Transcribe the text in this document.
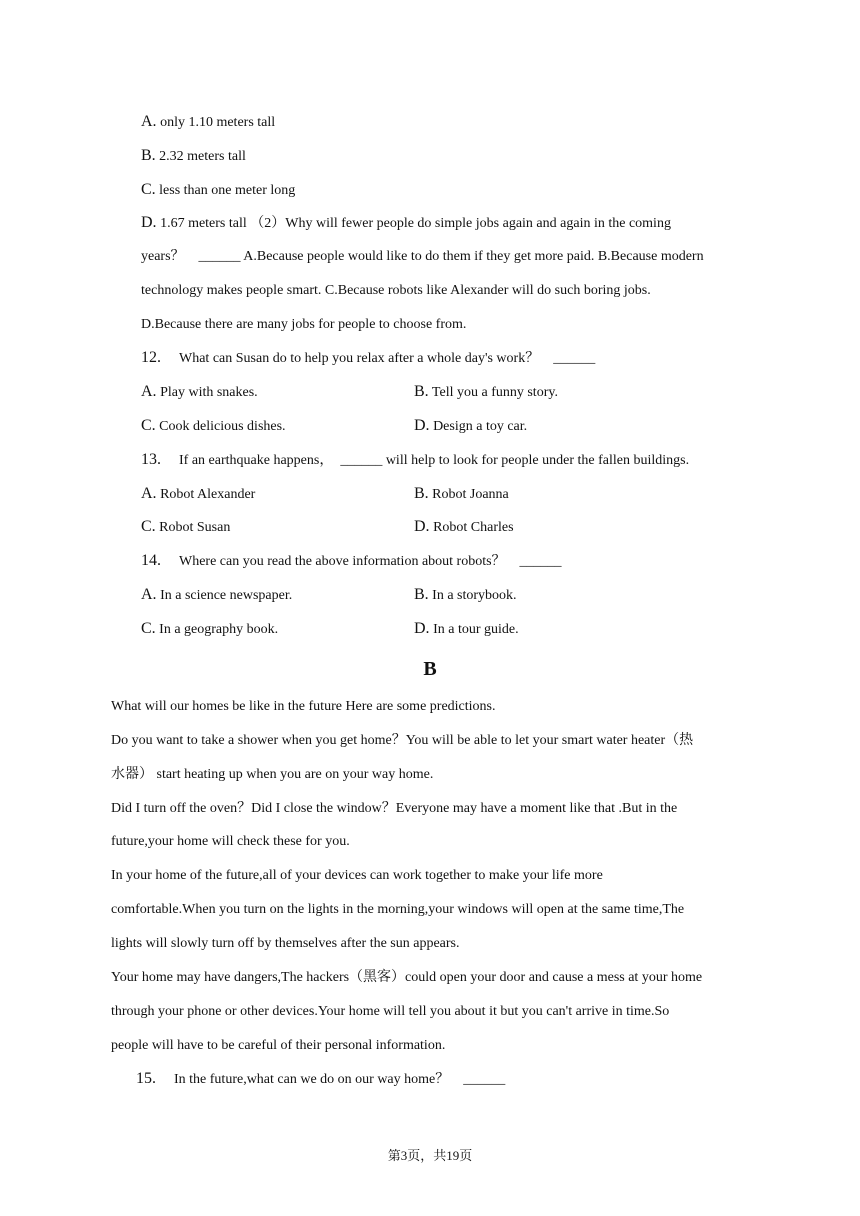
A. only 1.10 meters tall
B. 2.32 meters tall
C. less than one meter long
D. 1.67 meters tall （2）Why will fewer people do simple jobs again and again in the coming
years？　______ A.Because people would like to do them if they get more paid. B.Because modern
technology makes people smart. C.Because robots like Alexander will do such boring jobs.
D.Because there are many jobs for people to choose from.
12. What can Susan do to help you relax after a whole day's work？　______
A. Play with snakes.	B. Tell you a funny story.
C. Cook delicious dishes.	D. Design a toy car.
13. If an earthquake happens，　______ will help to look for people under the fallen buildings.
A. Robot Alexander	B. Robot Joanna
C. Robot Susan	D. Robot Charles
14. Where can you read the above information about robots？　______
A. In a science newspaper.	B. In a storybook.
C. In a geography book.	D. In a tour guide.
B
What will our homes be like in the future Here are some predictions.
Do you want to take a shower when you get home？You will be able to let your smart water heater（热
水器） start heating up when you are on your way home.
Did I turn off the oven？Did I close the window？Everyone may have a moment like that .But in the
future,your home will check these for you.
In your home of the future,all of your devices can work together to make your life more
comfortable.When you turn on the lights in the morning,your windows will open at the same time,The
lights will slowly turn off by themselves after the sun appears.
Your home may have dangers,The hackers（黑客）could open your door and cause a mess at your home
through your phone or other devices.Your home will tell you about it but you can't arrive in time.So
people will have to be careful of their personal information.
15. In the future,what can we do on our way home？　______
第3页，共19页
